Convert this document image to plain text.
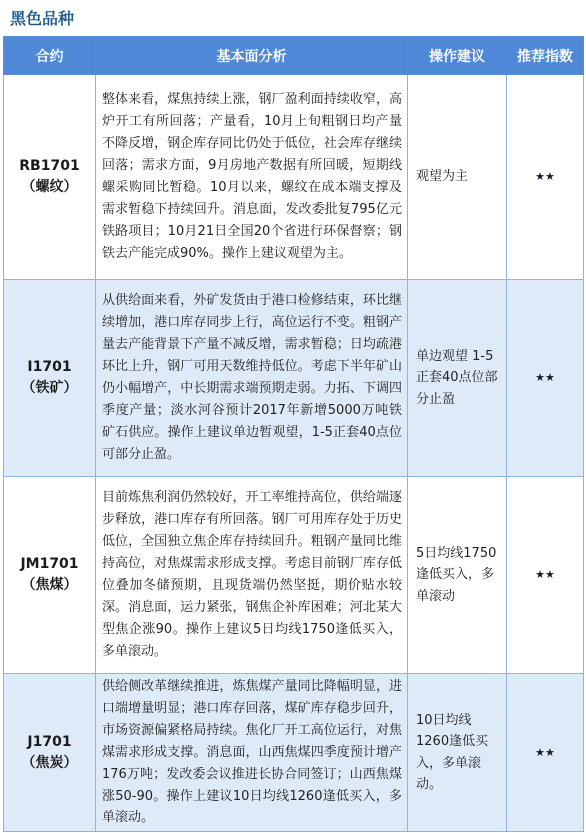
黑色品种
合约	基本面分析	操作建议	推荐指数

RB1701
（螺纹）	整体来看，煤焦持续上涨，钢厂盈利面持续收窄，高炉开工有所回落；产量看，10月上旬粗钢日均产量不降反增，钢企库存同比仍处于低位，社会库存继续回落；需求方面，9月房地产数据有所回暖，短期线螺采购同比暂稳。10月以来，螺纹在成本端支撑及需求暂稳下持续回升。消息面，发改委批复795亿元铁路项目；10月21日全国20个省进行环保督察；钢铁去产能完成90%。操作上建议观望为主。	观望为主	★★

I1701
（铁矿）	从供给面来看，外矿发货由于港口检修结束，环比继续增加，港口库存同步上行，高位运行不变。粗钢产量去产能背景下产量不减反增，需求暂稳；日均疏港环比上升，钢厂可用天数维持低位。考虑下半年矿山仍小幅增产，中长期需求端预期走弱。力拓、下调四季度产量；淡水河谷预计2017年新增5000万吨铁矿石供应。操作上建议单边暂观望，1-5正套40点位可部分止盈。	单边观望 1-5正套40点位部分止盈	★★

JM1701
（焦煤）	目前炼焦利润仍然较好，开工率维持高位，供给端逐步释放，港口库存有所回落。钢厂可用库存处于历史低位，全国独立焦企库存持续回升。粗钢产量同比维持高位，对焦煤需求形成支撑。考虑目前钢厂库存低位叠加冬储预期，且现货端仍然坚挺，期价贴水较深。消息面，运力紧张，钢焦企补库困难；河北某大型焦企涨90。操作上建议5日均线1750逢低买入，多单滚动。	5日均线1750逢低买入，多单滚动	★★

J1701
（焦炭）	供给侧改革继续推进，炼焦煤产量同比降幅明显，进口端增量明显；港口库存回落，煤矿库存稳步回升，市场资源偏紧格局持续。焦化厂开工高位运行，对焦煤需求形成支撑。消息面，山西焦煤四季度预计增产176万吨；发改委会议推进长协合同签订；山西焦煤涨50-90。操作上建议10日均线1260逢低买入，多单滚动。	10日均线1260逢低买入，多单滚动。	★★
